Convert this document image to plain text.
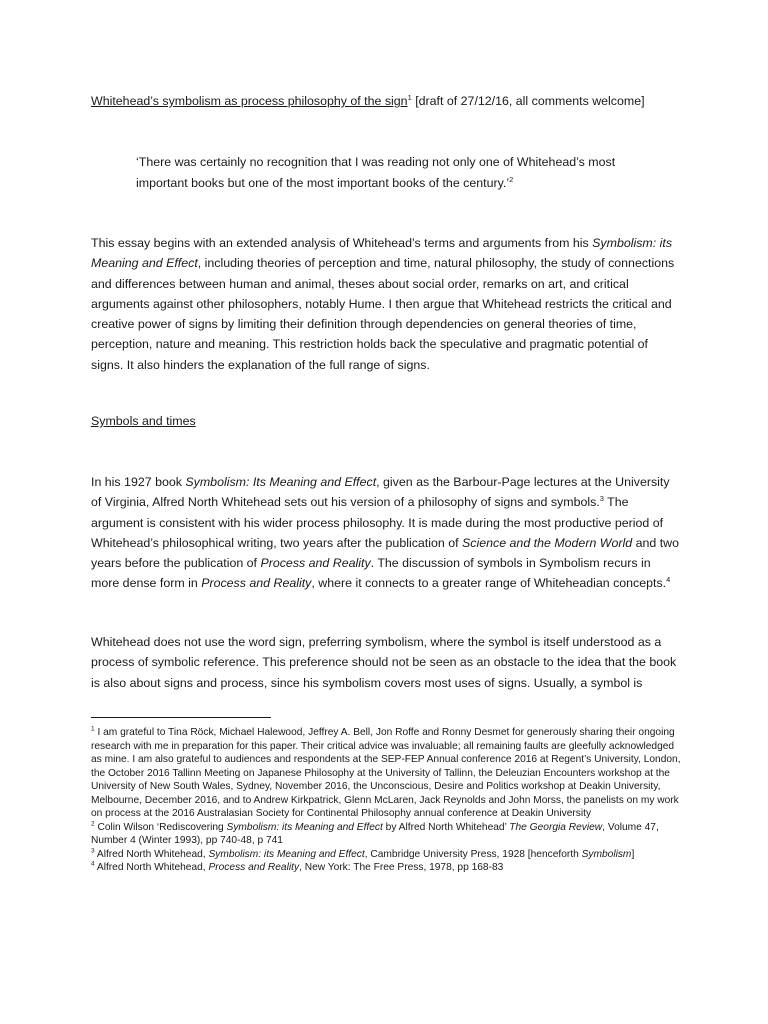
Whitehead’s symbolism as process philosophy of the sign$^1$ [draft of 27/12/16, all comments welcome]
‘There was certainly no recognition that I was reading not only one of Whitehead’s most important books but one of the most important books of the century.’$^2$
This essay begins with an extended analysis of Whitehead’s terms and arguments from his Symbolism: its Meaning and Effect, including theories of perception and time, natural philosophy, the study of connections and differences between human and animal, theses about social order, remarks on art, and critical arguments against other philosophers, notably Hume. I then argue that Whitehead restricts the critical and creative power of signs by limiting their definition through dependencies on general theories of time, perception, nature and meaning. This restriction holds back the speculative and pragmatic potential of signs. It also hinders the explanation of the full range of signs.
Symbols and times
In his 1927 book Symbolism: Its Meaning and Effect, given as the Barbour-Page lectures at the University of Virginia, Alfred North Whitehead sets out his version of a philosophy of signs and symbols.$^3$ The argument is consistent with his wider process philosophy. It is made during the most productive period of Whitehead’s philosophical writing, two years after the publication of Science and the Modern World and two years before the publication of Process and Reality. The discussion of symbols in Symbolism recurs in more dense form in Process and Reality, where it connects to a greater range of Whiteheadian concepts.$^4$
Whitehead does not use the word sign, preferring symbolism, where the symbol is itself understood as a process of symbolic reference. This preference should not be seen as an obstacle to the idea that the book is also about signs and process, since his symbolism covers most uses of signs. Usually, a symbol is

$^1$ I am grateful to Tina Röck, Michael Halewood, Jeffrey A. Bell, Jon Roffe and Ronny Desmet for generously sharing their ongoing research with me in preparation for this paper. Their critical advice was invaluable; all remaining faults are gleefully acknowledged as mine. I am also grateful to audiences and respondents at the SEP-FEP Annual conference 2016 at Regent’s University, London, the October 2016 Tallinn Meeting on Japanese Philosophy at the University of Tallinn, the Deleuzian Encounters workshop at the University of New South Wales, Sydney, November 2016, the Unconscious, Desire and Politics workshop at Deakin University, Melbourne, December 2016, and to Andrew Kirkpatrick, Glenn McLaren, Jack Reynolds and John Morss, the panelists on my work on process at the 2016 Australasian Society for Continental Philosophy annual conference at Deakin University

$^2$ Colin Wilson ‘Rediscovering Symbolism: its Meaning and Effect by Alfred North Whitehead’ The Georgia Review, Volume 47, Number 4 (Winter 1993), pp 740-48, p 741

$^3$ Alfred North Whitehead, Symbolism: its Meaning and Effect, Cambridge University Press, 1928 [henceforth Symbolism]

$^4$ Alfred North Whitehead, Process and Reality, New York: The Free Press, 1978, pp 168-83
